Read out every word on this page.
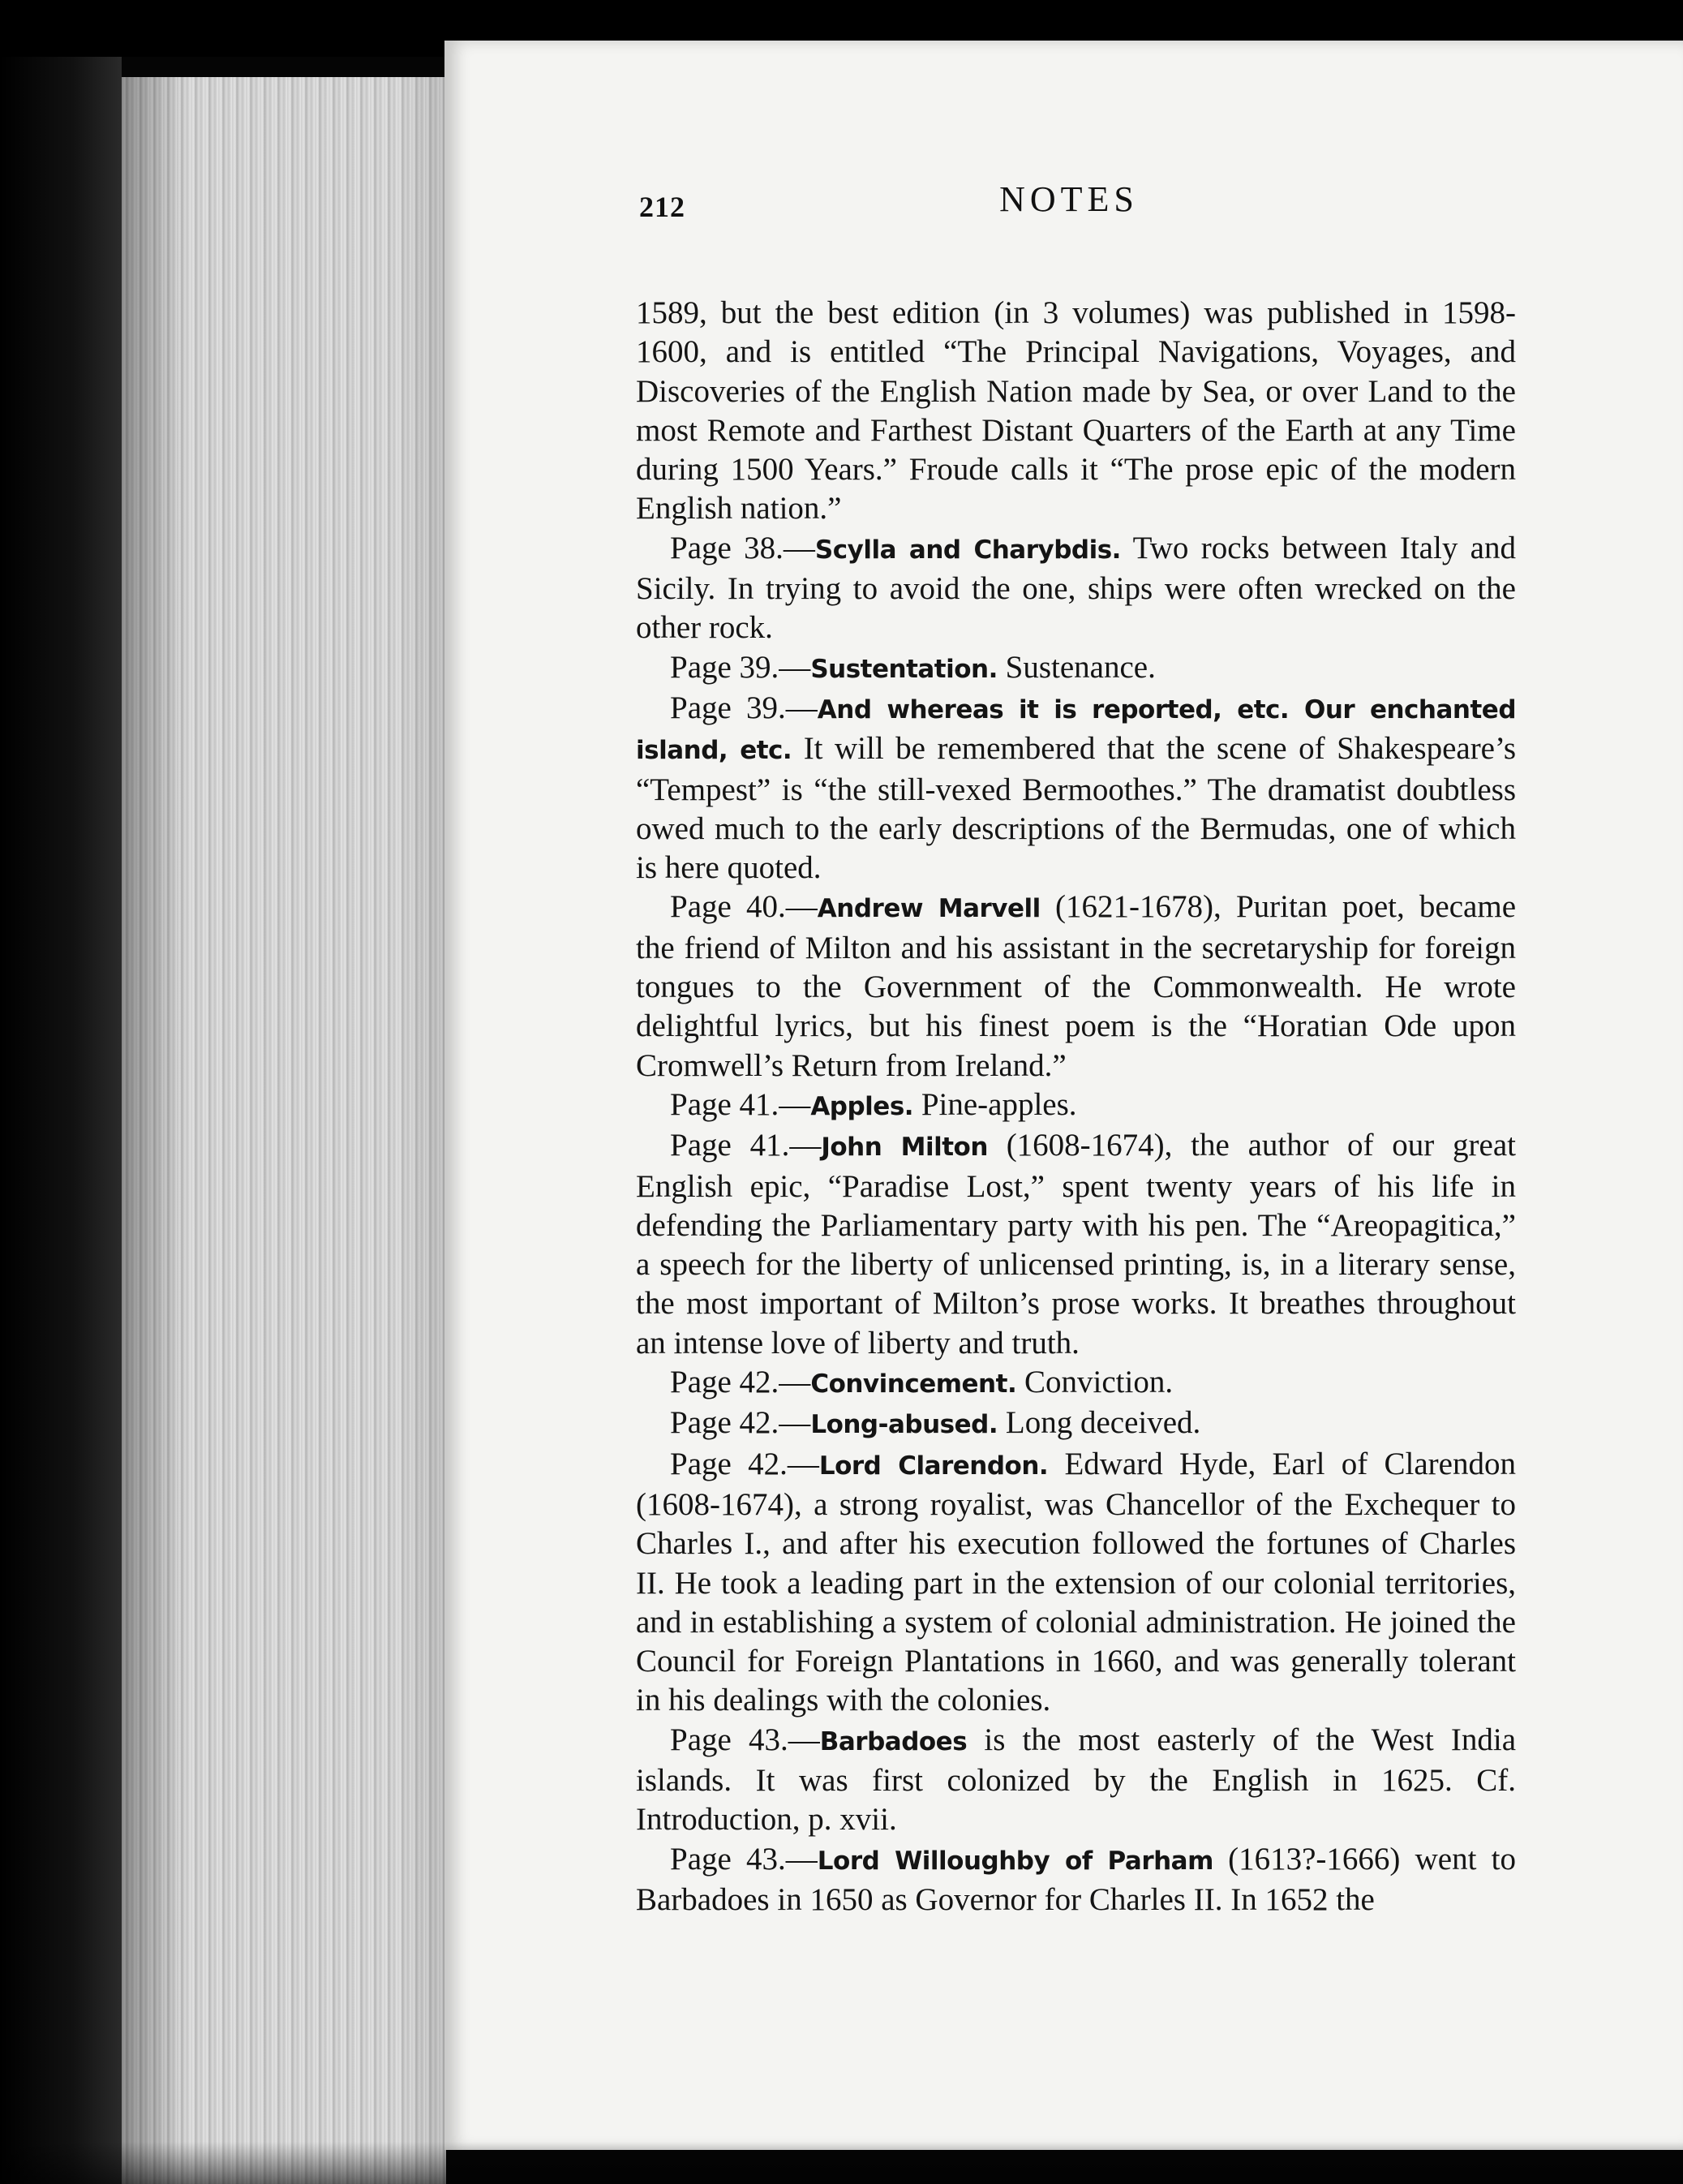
212	NOTES

1589, but the best edition (in 3 volumes) was published in 1598-1600, and is entitled “The Principal Navigations, Voyages, and Discoveries of the English Nation made by Sea, or over Land to the most Remote and Farthest Distant Quarters of the Earth at any Time during 1500 Years.” Froude calls it “The prose epic of the modern English nation.”

Page 38.—Scylla and Charybdis. Two rocks between Italy and Sicily. In trying to avoid the one, ships were often wrecked on the other rock.

Page 39.—Sustentation. Sustenance.

Page 39.—And whereas it is reported, etc. Our enchanted island, etc. It will be remembered that the scene of Shakespeare’s “Tempest” is “the still-vexed Bermoothes.” The dramatist doubtless owed much to the early descriptions of the Bermudas, one of which is here quoted.

Page 40.—Andrew Marvell (1621-1678), Puritan poet, became the friend of Milton and his assistant in the secretaryship for foreign tongues to the Government of the Commonwealth. He wrote delightful lyrics, but his finest poem is the “Horatian Ode upon Cromwell’s Return from Ireland.”

Page 41.—Apples. Pine-apples.

Page 41.—John Milton (1608-1674), the author of our great English epic, “Paradise Lost,” spent twenty years of his life in defending the Parliamentary party with his pen. The “Areopagitica,” a speech for the liberty of unlicensed printing, is, in a literary sense, the most important of Milton’s prose works. It breathes throughout an intense love of liberty and truth.

Page 42.—Convincement. Conviction.

Page 42.—Long-abused. Long deceived.

Page 42.—Lord Clarendon. Edward Hyde, Earl of Clarendon (1608-1674), a strong royalist, was Chancellor of the Exchequer to Charles I., and after his execution followed the fortunes of Charles II. He took a leading part in the extension of our colonial territories, and in establishing a system of colonial administration. He joined the Council for Foreign Plantations in 1660, and was generally tolerant in his dealings with the colonies.

Page 43.—Barbadoes is the most easterly of the West India islands. It was first colonized by the English in 1625. Cf. Introduction, p. xvii.

Page 43.—Lord Willoughby of Parham (1613?-1666) went to Barbadoes in 1650 as Governor for Charles II. In 1652 the
